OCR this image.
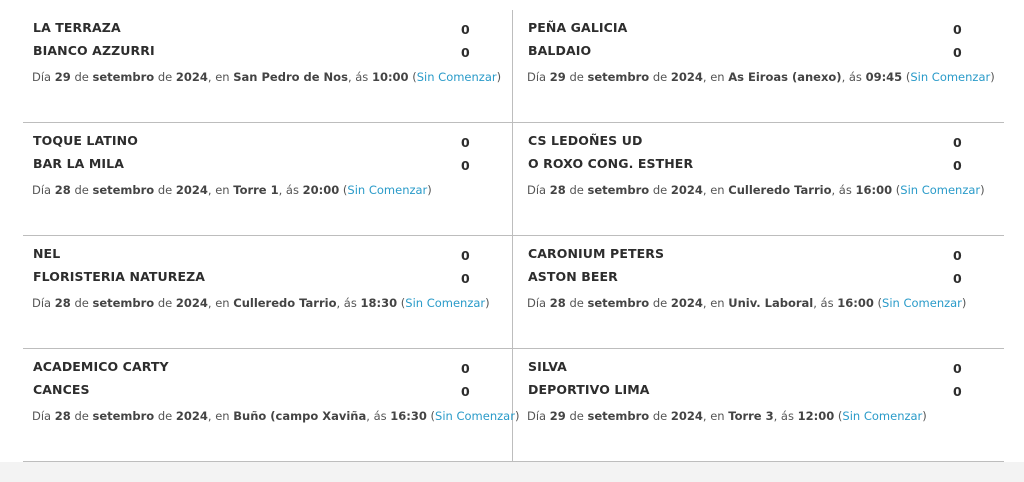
LA TERRAZA	0
BIANCO AZZURRI	0
Día 29 de setembro de 2024, en San Pedro de Nos, ás 10:00 (Sin Comenzar)
PEÑA GALICIA	0
BALDAIO	0
Día 29 de setembro de 2024, en As Eiroas (anexo), ás 09:45 (Sin Comenzar)
TOQUE LATINO	0
BAR LA MILA	0
Día 28 de setembro de 2024, en Torre 1, ás 20:00 (Sin Comenzar)
CS LEDOÑES UD	0
O ROXO CONG. ESTHER	0
Día 28 de setembro de 2024, en Culleredo Tarrio, ás 16:00 (Sin Comenzar)
NEL	0
FLORISTERIA NATUREZA	0
Día 28 de setembro de 2024, en Culleredo Tarrio, ás 18:30 (Sin Comenzar)
CARONIUM PETERS	0
ASTON BEER	0
Día 28 de setembro de 2024, en Univ. Laboral, ás 16:00 (Sin Comenzar)
ACADEMICO CARTY	0
CANCES	0
Día 28 de setembro de 2024, en Buño (campo Xaviña, ás 16:30 (Sin Comenzar)
SILVA	0
DEPORTIVO LIMA	0
Día 29 de setembro de 2024, en Torre 3, ás 12:00 (Sin Comenzar)
